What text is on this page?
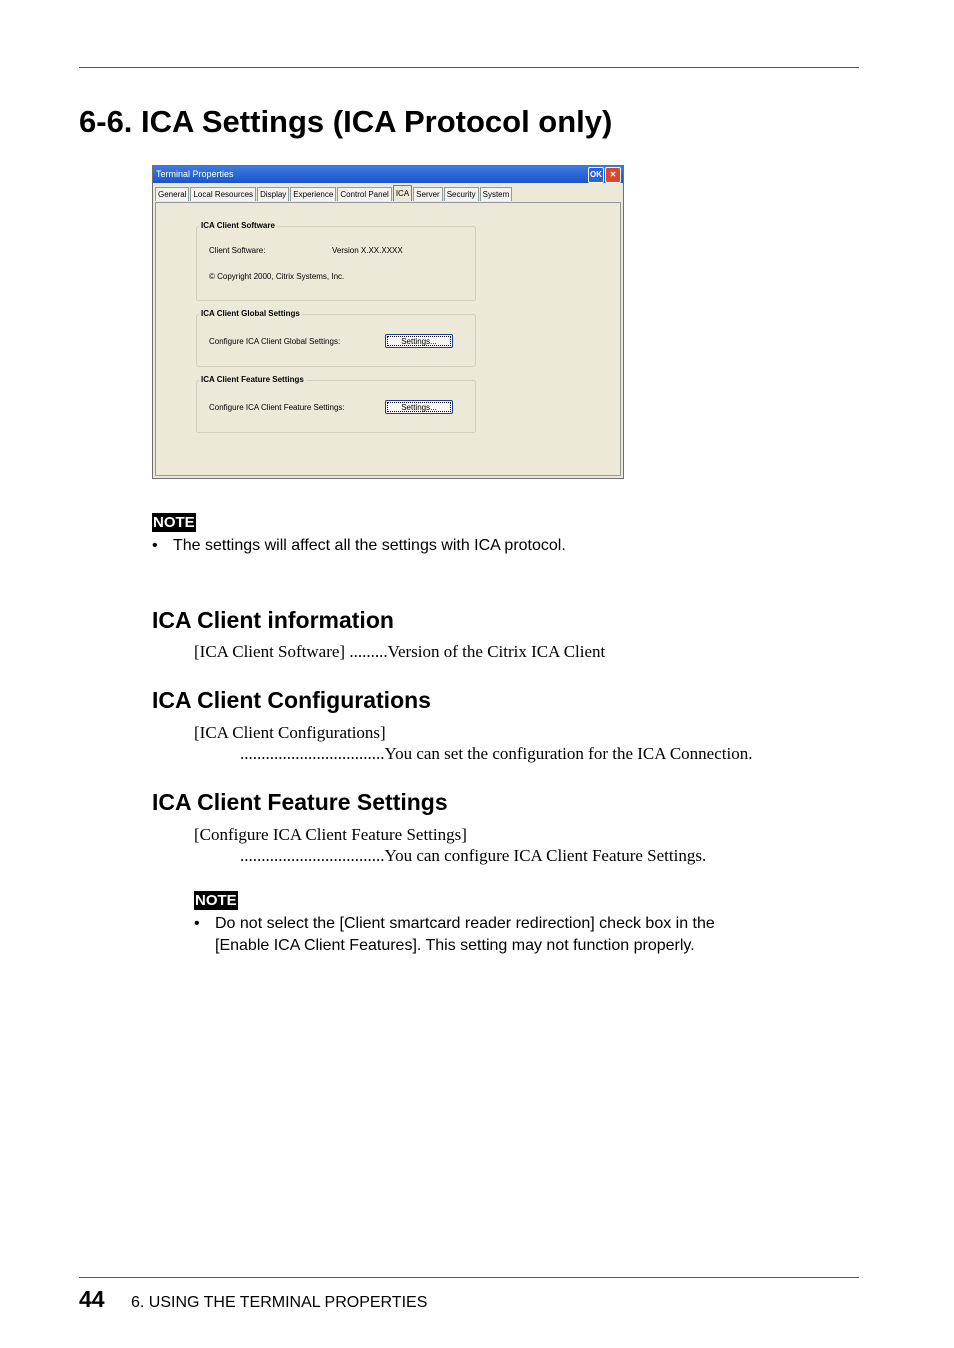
6-6. ICA Settings (ICA Protocol only)
Terminal Properties	OK ✕
General Local Resources Display Experience Control Panel ICA Server Security System
ICA Client Software
Client Software:	Version X.XX.XXXX
© Copyright 2000, Citrix Systems, Inc.
ICA Client Global Settings
Configure ICA Client Global Settings:	Settings...
ICA Client Feature Settings
Configure ICA Client Feature Settings:	Settings...
NOTE
• The settings will affect all the settings with ICA protocol.
ICA Client information
[ICA Client Software] .........Version of the Citrix ICA Client
ICA Client Configurations
[ICA Client Configurations]
..................................You can set the configuration for the ICA Connection.
ICA Client Feature Settings
[Configure ICA Client Feature Settings]
..................................You can configure ICA Client Feature Settings.
NOTE
• Do not select the [Client smartcard reader redirection] check box in the
[Enable ICA Client Features]. This setting may not function properly.
44 6. USING THE TERMINAL PROPERTIES
